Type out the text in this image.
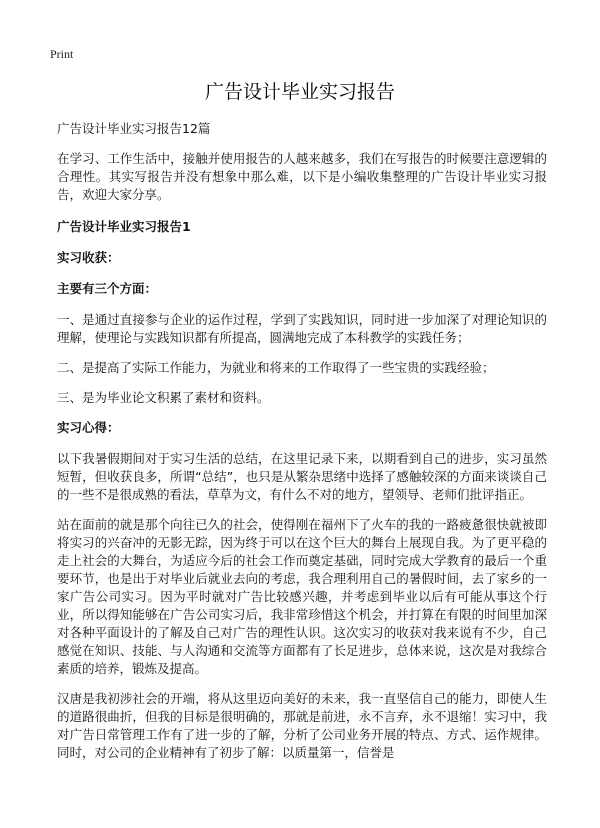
Print
广告设计毕业实习报告

广告设计毕业实习报告12篇

在学习、工作生活中，接触并使用报告的人越来越多，我们在写报告的时候要注意逻辑的合理性。其实写报告并没有想象中那么难，以下是小编收集整理的广告设计毕业实习报告，欢迎大家分享。

广告设计毕业实习报告1
实习收获：
主要有三个方面：

一、是通过直接参与企业的运作过程，学到了实践知识，同时进一步加深了对理论知识的理解，使理论与实践知识都有所提高，圆满地完成了本科教学的实践任务；

二、是提高了实际工作能力，为就业和将来的工作取得了一些宝贵的实践经验；

三、是为毕业论文积累了素材和资料。

实习心得：

以下我暑假期间对于实习生活的总结，在这里记录下来，以期看到自己的进步，实习虽然短暂，但收获良多，所谓“总结”，也只是从繁杂思绪中选择了感触较深的方面来谈谈自己的一些不是很成熟的看法，草草为文，有什么不对的地方，望领导、老师们批评指正。

站在面前的就是那个向往已久的社会，使得刚在福州下了火车的我的一路疲惫很快就被即将实习的兴奋冲的无影无踪，因为终于可以在这个巨大的舞台上展现自我。为了更平稳的走上社会的大舞台，为适应今后的社会工作而奠定基础，同时完成大学教育的最后一个重要环节，也是出于对毕业后就业去向的考虑，我合理利用自己的暑假时间，去了家乡的一家广告公司实习。因为平时就对广告比较感兴趣，并考虑到毕业以后有可能从事这个行业，所以得知能够在广告公司实习后，我非常珍惜这个机会，并打算在有限的时间里加深对各种平面设计的了解及自己对广告的理性认识。这次实习的收获对我来说有不少，自己感觉在知识、技能、与人沟通和交流等方面都有了长足进步，总体来说，这次是对我综合素质的培养，锻炼及提高。

汉唐是我初涉社会的开端，将从这里迈向美好的未来，我一直坚信自己的能力，即使人生的道路很曲折，但我的目标是很明确的，那就是前进，永不言弃，永不退缩！实习中，我对广告日常管理工作有了进一步的了解，分析了公司业务开展的特点、方式、运作规律。同时，对公司的企业精神有了初步了解：以质量第一，信誉是
